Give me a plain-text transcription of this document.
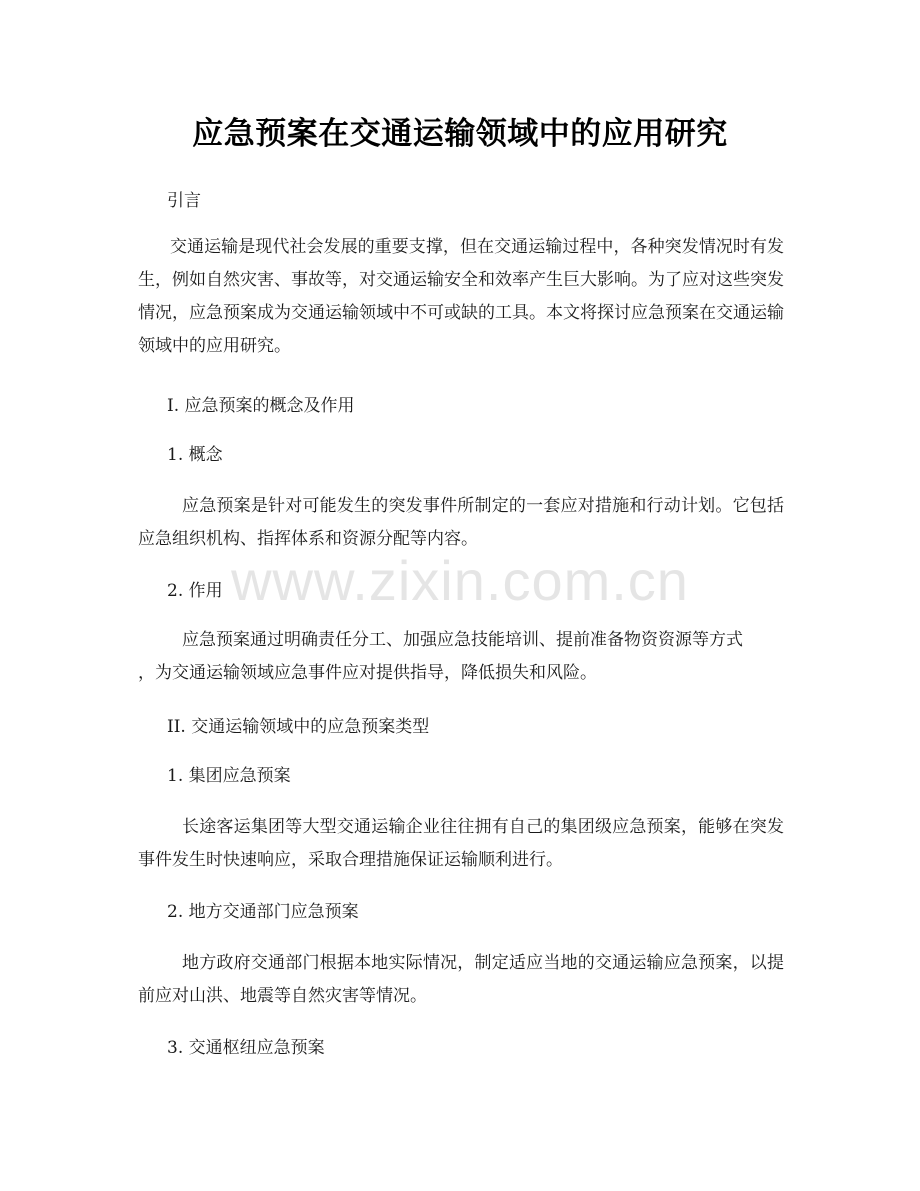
www.zixin.com.cn
应急预案在交通运输领域中的应用研究
引言

交通运输是现代社会发展的重要支撑，但在交通运输过程中，各种突发情况时有发生，例如自然灾害、事故等，对交通运输安全和效率产生巨大影响。为了应对这些突发情况，应急预案成为交通运输领域中不可或缺的工具。本文将探讨应急预案在交通运输领域中的应用研究。

I. 应急预案的概念及作用
1. 概念

应急预案是针对可能发生的突发事件所制定的一套应对措施和行动计划。它包括应急组织机构、指挥体系和资源分配等内容。

2. 作用
应急预案通过明确责任分工、加强应急技能培训、提前准备物资资源等方式
，为交通运输领域应急事件应对提供指导，降低损失和风险。
II. 交通运输领域中的应急预案类型
1. 集团应急预案

长途客运集团等大型交通运输企业往往拥有自己的集团级应急预案，能够在突发事件发生时快速响应，采取合理措施保证运输顺利进行。

2. 地方交通部门应急预案

地方政府交通部门根据本地实际情况，制定适应当地的交通运输应急预案，以提前应对山洪、地震等自然灾害等情况。

3. 交通枢纽应急预案
